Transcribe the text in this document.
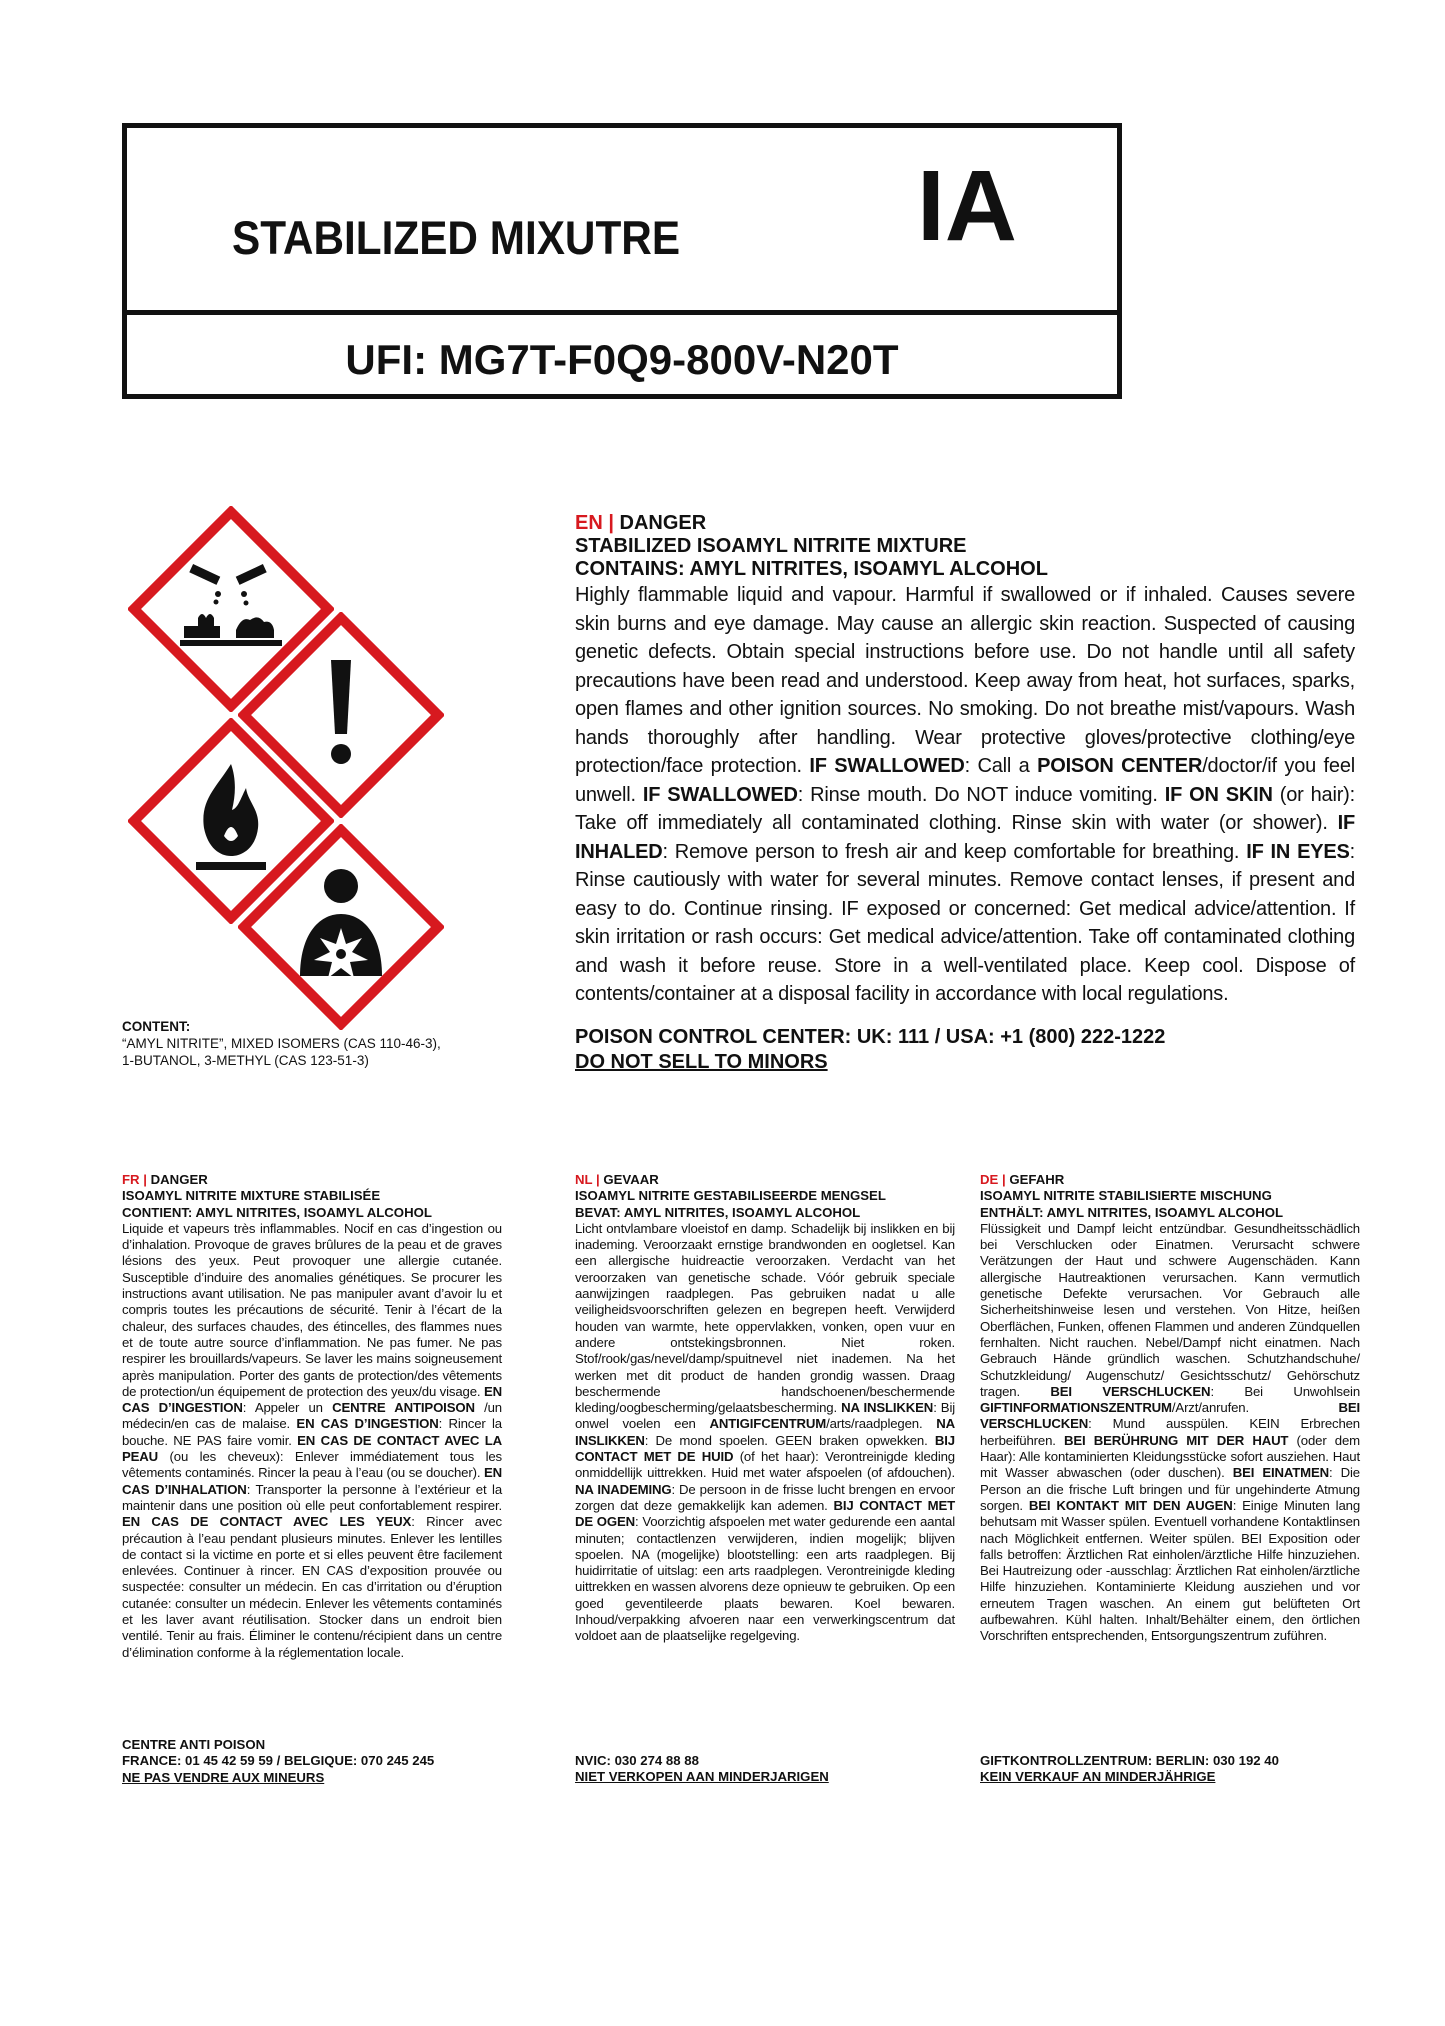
STABILIZED MIXUTRE IA
UFI: MG7T-F0Q9-800V-N20T
CONTENT:
“AMYL NITRITE”, MIXED ISOMERS (CAS 110-46-3),
1-BUTANOL, 3-METHYL (CAS 123-51-3)
EN | DANGER
STABILIZED ISOAMYL NITRITE MIXTURE
CONTAINS: AMYL NITRITES, ISOAMYL ALCOHOL
Highly flammable liquid and vapour. Harmful if swallowed or if inhaled. Causes severe skin burns and eye damage. May cause an allergic skin reaction. Suspected of causing genetic defects. Obtain special instructions before use. Do not handle until all safety precautions have been read and understood. Keep away from heat, hot surfaces, sparks, open flames and other ignition sources. No smoking. Do not breathe mist/vapours. Wash hands thoroughly after handling. Wear protective gloves/protective clothing/eye protection/face protection. IF SWALLOWED: Call a POISON CENTER/doctor/if you feel unwell. IF SWALLOWED: Rinse mouth. Do NOT induce vomiting. IF ON SKIN (or hair): Take off immediately all contaminated clothing. Rinse skin with water (or shower). IF INHALED: Remove person to fresh air and keep comfortable for breathing. IF IN EYES: Rinse cautiously with water for several minutes. Remove contact lenses, if present and easy to do. Continue rinsing. IF exposed or concerned: Get medical advice/attention. If skin irritation or rash occurs: Get medical advice/attention. Take off contaminated clothing and wash it before reuse. Store in a well-ventilated place. Keep cool. Dispose of contents/container at a disposal facility in accordance with local regulations.
POISON CONTROL CENTER: UK: 111 / USA: +1 (800) 222-1222
DO NOT SELL TO MINORS
FR | DANGER
ISOAMYL NITRITE MIXTURE STABILISÉE
CONTIENT: AMYL NITRITES, ISOAMYL ALCOHOL
Liquide et vapeurs très inflammables. Nocif en cas d’ingestion ou d’inhalation. Provoque de graves brûlures de la peau et de graves lésions des yeux. Peut provoquer une allergie cutanée. Susceptible d’induire des anomalies génétiques. Se procurer les instructions avant utilisation. Ne pas manipuler avant d’avoir lu et compris toutes les précautions de sécurité. Tenir à l’écart de la chaleur, des surfaces chaudes, des étincelles, des flammes nues et de toute autre source d’inflammation. Ne pas fumer. Ne pas respirer les brouillards/vapeurs. Se laver les mains soigneusement après manipulation. Porter des gants de protection/des vêtements de protection/un équipement de protection des yeux/du visage. EN CAS D’INGESTION: Appeler un CENTRE ANTIPOISON /un médecin/en cas de malaise. EN CAS D’INGESTION: Rincer la bouche. NE PAS faire vomir. EN CAS DE CONTACT AVEC LA PEAU (ou les cheveux): Enlever immédiatement tous les vêtements contaminés. Rincer la peau à l’eau (ou se doucher). EN CAS D’INHALATION: Transporter la personne à l’extérieur et la maintenir dans une position où elle peut confortablement respirer. EN CAS DE CONTACT AVEC LES YEUX: Rincer avec précaution à l’eau pendant plusieurs minutes. Enlever les lentilles de contact si la victime en porte et si elles peuvent être facilement enlevées. Continuer à rincer. EN CAS d’exposition prouvée ou suspectée: consulter un médecin. En cas d’irritation ou d’éruption cutanée: consulter un médecin. Enlever les vêtements contaminés et les laver avant réutilisation. Stocker dans un endroit bien ventilé. Tenir au frais. Éliminer le contenu/récipient dans un centre d’élimination conforme à la réglementation locale.
CENTRE ANTI POISON
FRANCE: 01 45 42 59 59 / BELGIQUE: 070 245 245
NE PAS VENDRE AUX MINEURS
NL | GEVAAR
ISOAMYL NITRITE GESTABILISEERDE MENGSEL
BEVAT: AMYL NITRITES, ISOAMYL ALCOHOL
Licht ontvlambare vloeistof en damp. Schadelijk bij inslikken en bij inademing. Veroorzaakt ernstige brandwonden en oogletsel. Kan een allergische huidreactie veroorzaken. Verdacht van het veroorzaken van genetische schade. Vóór gebruik speciale aanwijzingen raadplegen. Pas gebruiken nadat u alle veiligheidsvoorschriften gelezen en begrepen heeft. Verwijderd houden van warmte, hete oppervlakken, vonken, open vuur en andere ontstekingsbronnen. Niet roken. Stof/rook/gas/nevel/damp/spuitnevel niet inademen. Na het werken met dit product de handen grondig wassen. Draag beschermende handschoenen/beschermende kleding/oogbescherming/gelaatsbescherming. NA INSLIKKEN: Bij onwel voelen een ANTIGIFCENTRUM/arts/raadplegen. NA INSLIKKEN: De mond spoelen. GEEN braken opwekken. BIJ CONTACT MET DE HUID (of het haar): Verontreinigde kleding onmiddellijk uittrekken. Huid met water afspoelen (of afdouchen). NA INADEMING: De persoon in de frisse lucht brengen en ervoor zorgen dat deze gemakkelijk kan ademen. BIJ CONTACT MET DE OGEN: Voorzichtig afspoelen met water gedurende een aantal minuten; contactlenzen verwijderen, indien mogelijk; blijven spoelen. NA (mogelijke) blootstelling: een arts raadplegen. Bij huidirritatie of uitslag: een arts raadplegen. Verontreinigde kleding uittrekken en wassen alvorens deze opnieuw te gebruiken. Op een goed geventileerde plaats bewaren. Koel bewaren. Inhoud/verpakking afvoeren naar een verwerkingscentrum dat voldoet aan de plaatselijke regelgeving.
NVIC: 030 274 88 88
NIET VERKOPEN AAN MINDERJARIGEN
DE | GEFAHR
ISOAMYL NITRITE STABILISIERTE MISCHUNG
ENTHÄLT: AMYL NITRITES, ISOAMYL ALCOHOL
Flüssigkeit und Dampf leicht entzündbar. Gesundheitsschädlich bei Verschlucken oder Einatmen. Verursacht schwere Verätzungen der Haut und schwere Augenschäden. Kann allergische Hautreaktionen verursachen. Kann vermutlich genetische Defekte verursachen. Vor Gebrauch alle Sicherheitshinweise lesen und verstehen. Von Hitze, heißen Oberflächen, Funken, offenen Flammen und anderen Zündquellen fernhalten. Nicht rauchen. Nebel/Dampf nicht einatmen. Nach Gebrauch Hände gründlich waschen. Schutzhandschuhe/ Schutzkleidung/ Augenschutz/ Gesichtsschutz/ Gehörschutz tragen. BEI VERSCHLUCKEN: Bei Unwohlsein GIFTINFORMATIONSZENTRUM/Arzt/anrufen. BEI VERSCHLUCKEN: Mund ausspülen. KEIN Erbrechen herbeiführen. BEI BERÜHRUNG MIT DER HAUT (oder dem Haar): Alle kontaminierten Kleidungsstücke sofort ausziehen. Haut mit Wasser abwaschen (oder duschen). BEI EINATMEN: Die Person an die frische Luft bringen und für ungehinderte Atmung sorgen. BEI KONTAKT MIT DEN AUGEN: Einige Minuten lang behutsam mit Wasser spülen. Eventuell vorhandene Kontaktlinsen nach Möglichkeit entfernen. Weiter spülen. BEI Exposition oder falls betroffen: Ärztlichen Rat einholen/ärztliche Hilfe hinzuziehen. Bei Hautreizung oder -ausschlag: Ärztlichen Rat einholen/ärztliche Hilfe hinzuziehen. Kontaminierte Kleidung ausziehen und vor erneutem Tragen waschen. An einem gut belüfteten Ort aufbewahren. Kühl halten. Inhalt/Behälter einem, den örtlichen Vorschriften entsprechenden, Entsorgungszentrum zuführen.
GIFTKONTROLLZENTRUM: BERLIN: 030 192 40
KEIN VERKAUF AN MINDERJÄHRIGE
